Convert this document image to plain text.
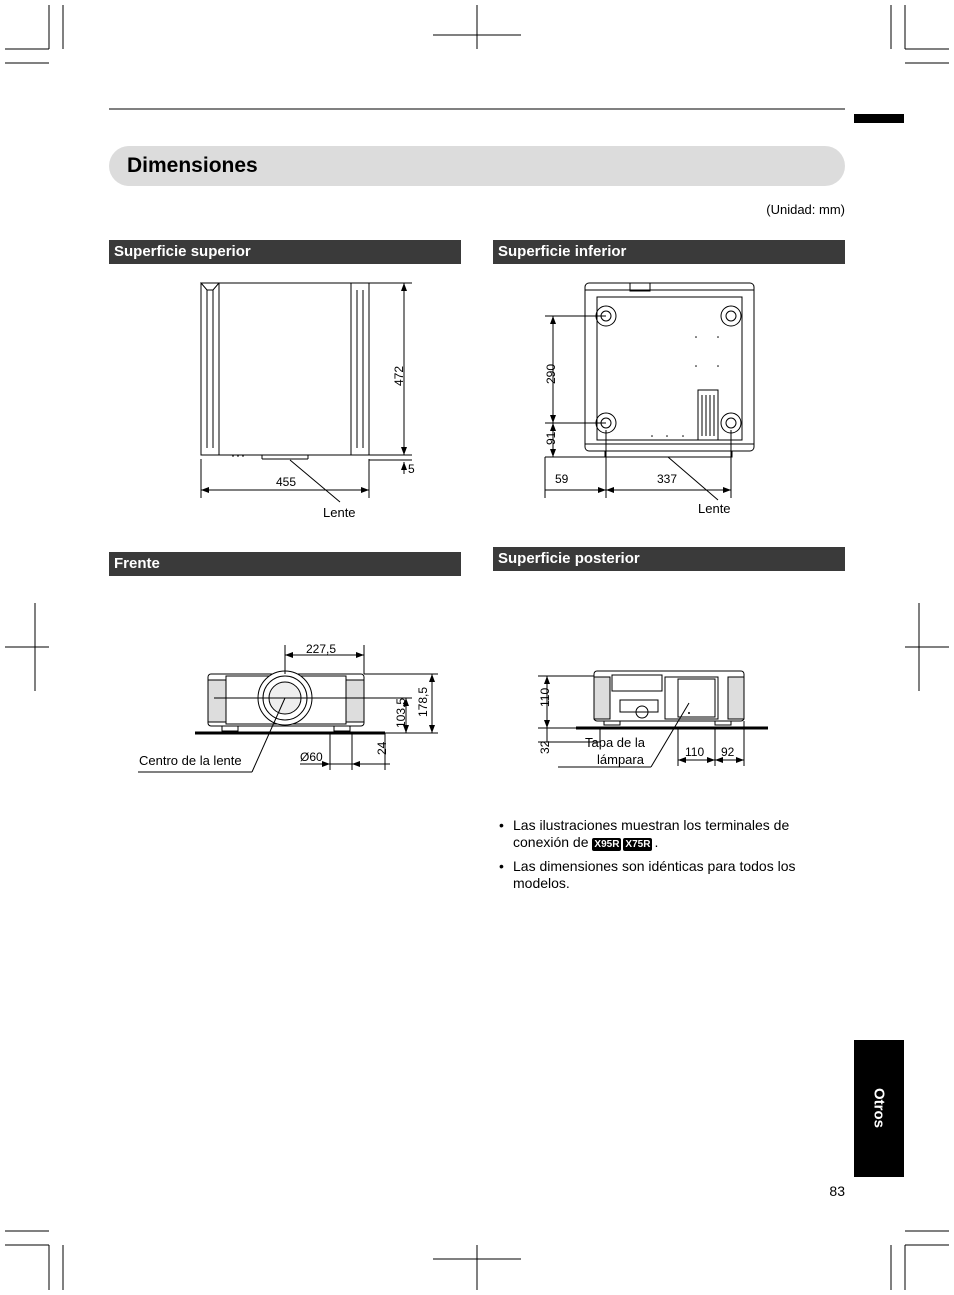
Dimensiones
(Unidad: mm)
Superficie superior	Superficie inferior
Frente	Superficie posterior
472
5
455
Lente
290
91
59	337
Lente
227,5
103,5 178,5
24
Ø60
Centro de la lente
110
32	110 92
Tapa de la
lámpara
• Las ilustraciones muestran los terminales de
conexión de X95R X75R .
• Las dimensiones son idénticas para todos los
modelos.
Otros
83
